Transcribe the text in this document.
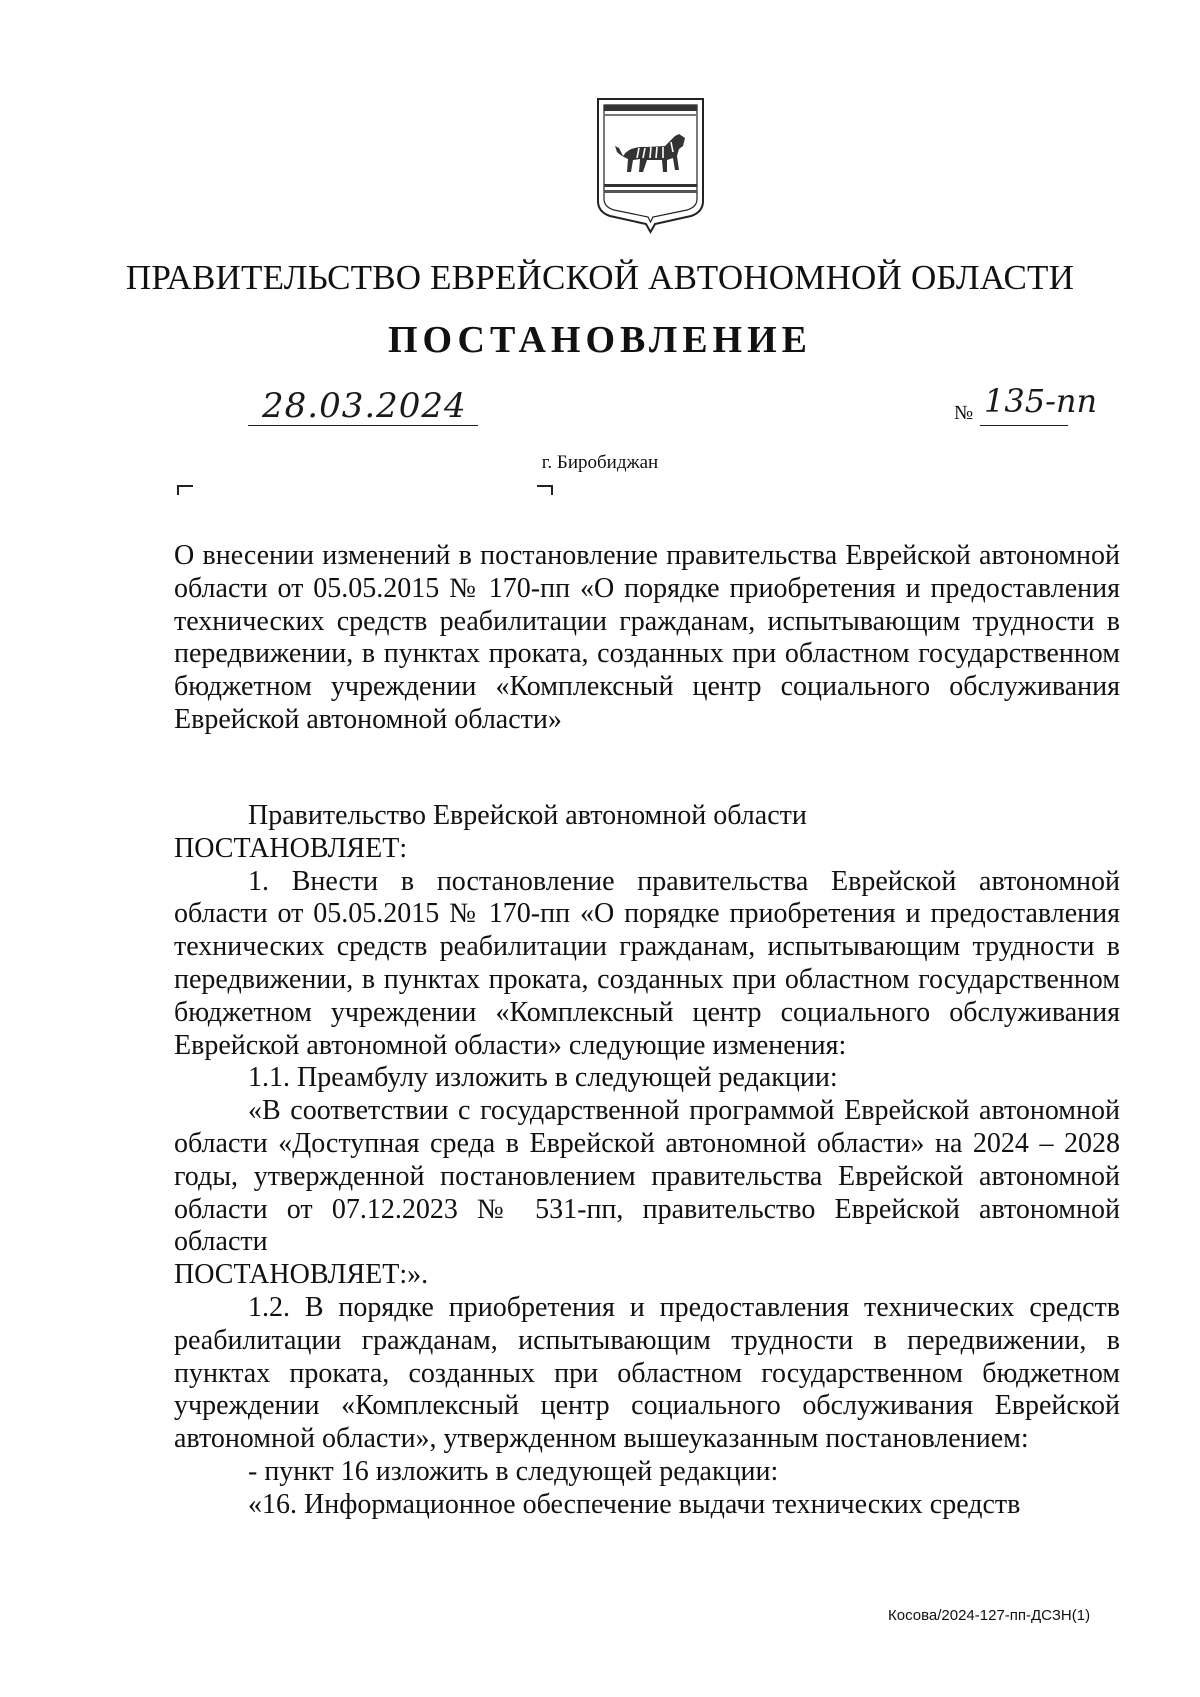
ПРАВИТЕЛЬСТВО ЕВРЕЙСКОЙ АВТОНОМНОЙ ОБЛАСТИ
ПОСТАНОВЛЕНИЕ
28.03.2024	№ 135-пп
г. Биробиджан

О внесении изменений в постановление правительства Еврейской автономной области от 05.05.2015 № 170-пп «О порядке приобретения и предоставления технических средств реабилитации гражданам, испытывающим трудности в передвижении, в пунктах проката, созданных при областном государственном бюджетном учреждении «Комплексный центр социального обслуживания Еврейской автономной области»

Правительство Еврейской автономной области

ПОСТАНОВЛЯЕТ:

1. Внести в постановление правительства Еврейской автономной области от 05.05.2015 № 170-пп «О порядке приобретения и предоставления технических средств реабилитации гражданам, испытывающим трудности в передвижении, в пунктах проката, созданных при областном государственном бюджетном учреждении «Комплексный центр социального обслуживания Еврейской автономной области» следующие изменения:

1.1. Преамбулу изложить в следующей редакции:

«В соответствии с государственной программой Еврейской автономной области «Доступная среда в Еврейской автономной области» на 2024 – 2028 годы, утвержденной постановлением правительства Еврейской автономной области от 07.12.2023 № 531-пп, правительство Еврейской автономной области

ПОСТАНОВЛЯЕТ:».

1.2. В порядке приобретения и предоставления технических средств реабилитации гражданам, испытывающим трудности в передвижении, в пунктах проката, созданных при областном государственном бюджетном учреждении «Комплексный центр социального обслуживания Еврейской автономной области», утвержденном вышеуказанным постановлением:

- пункт 16 изложить в следующей редакции:

«16. Информационное обеспечение выдачи технических средств

Косова/2024-127-пп-ДСЗН(1)
